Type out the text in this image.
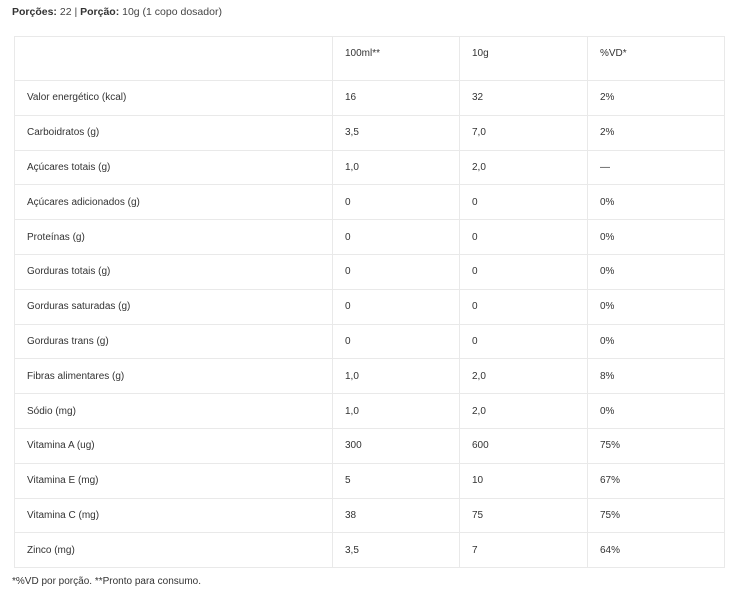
Porções: 22 | Porção: 10g (1 copo dosador)
	100ml**	10g	%VD*
Valor energético (kcal)	16	32	2%
Carboidratos (g)	3,5	7,0	2%
Açúcares totais (g)	1,0	2,0	—
Açúcares adicionados (g)	0	0	0%
Proteínas (g)	0	0	0%
Gorduras totais (g)	0	0	0%
Gorduras saturadas (g)	0	0	0%
Gorduras trans (g)	0	0	0%
Fibras alimentares (g)	1,0	2,0	8%
Sódio (mg)	1,0	2,0	0%
Vitamina A (ug)	300	600	75%
Vitamina E (mg)	5	10	67%
Vitamina C (mg)	38	75	75%
Zinco (mg)	3,5	7	64%
*%VD por porção. **Pronto para consumo.
